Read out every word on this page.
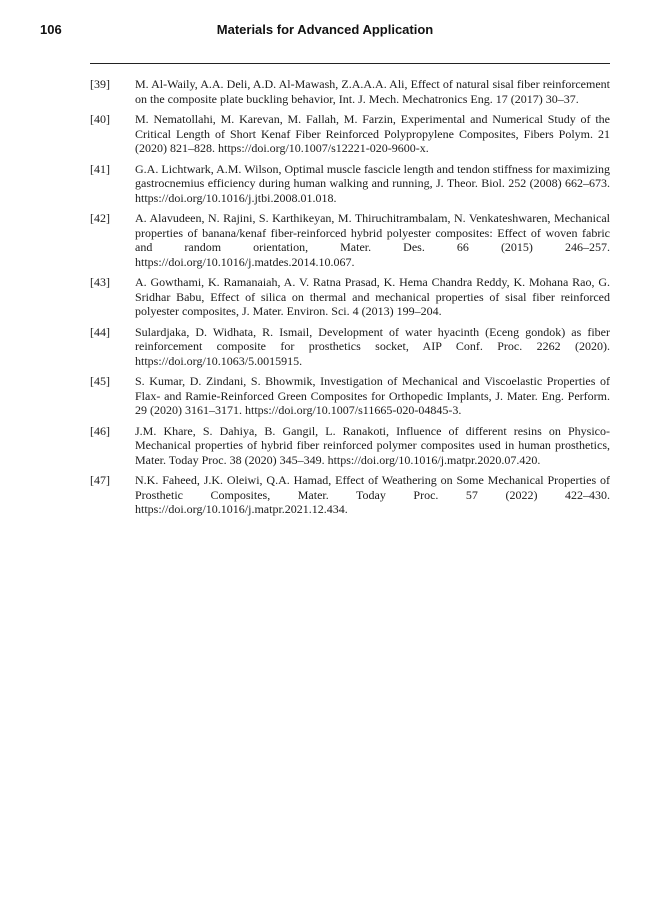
106	Materials for Advanced Application
[39] M. Al-Waily, A.A. Deli, A.D. Al-Mawash, Z.A.A.A. Ali, Effect of natural sisal fiber reinforcement on the composite plate buckling behavior, Int. J. Mech. Mechatronics Eng. 17 (2017) 30–37.
[40] M. Nematollahi, M. Karevan, M. Fallah, M. Farzin, Experimental and Numerical Study of the Critical Length of Short Kenaf Fiber Reinforced Polypropylene Composites, Fibers Polym. 21 (2020) 821–828. https://doi.org/10.1007/s12221-020-9600-x.
[41] G.A. Lichtwark, A.M. Wilson, Optimal muscle fascicle length and tendon stiffness for maximizing gastrocnemius efficiency during human walking and running, J. Theor. Biol. 252 (2008) 662–673. https://doi.org/10.1016/j.jtbi.2008.01.018.
[42] A. Alavudeen, N. Rajini, S. Karthikeyan, M. Thiruchitrambalam, N. Venkateshwaren, Mechanical properties of banana/kenaf fiber-reinforced hybrid polyester composites: Effect of woven fabric and random orientation, Mater. Des. 66 (2015) 246–257. https://doi.org/10.1016/j.matdes.2014.10.067.
[43] A. Gowthami, K. Ramanaiah, A. V. Ratna Prasad, K. Hema Chandra Reddy, K. Mohana Rao, G. Sridhar Babu, Effect of silica on thermal and mechanical properties of sisal fiber reinforced polyester composites, J. Mater. Environ. Sci. 4 (2013) 199–204.
[44] Sulardjaka, D. Widhata, R. Ismail, Development of water hyacinth (Eceng gondok) as fiber reinforcement composite for prosthetics socket, AIP Conf. Proc. 2262 (2020). https://doi.org/10.1063/5.0015915.
[45] S. Kumar, D. Zindani, S. Bhowmik, Investigation of Mechanical and Viscoelastic Properties of Flax- and Ramie-Reinforced Green Composites for Orthopedic Implants, J. Mater. Eng. Perform. 29 (2020) 3161–3171. https://doi.org/10.1007/s11665-020-04845-3.
[46] J.M. Khare, S. Dahiya, B. Gangil, L. Ranakoti, Influence of different resins on Physico-Mechanical properties of hybrid fiber reinforced polymer composites used in human prosthetics, Mater. Today Proc. 38 (2020) 345–349. https://doi.org/10.1016/j.matpr.2020.07.420.
[47] N.K. Faheed, J.K. Oleiwi, Q.A. Hamad, Effect of Weathering on Some Mechanical Properties of Prosthetic Composites, Mater. Today Proc. 57 (2022) 422–430. https://doi.org/10.1016/j.matpr.2021.12.434.
